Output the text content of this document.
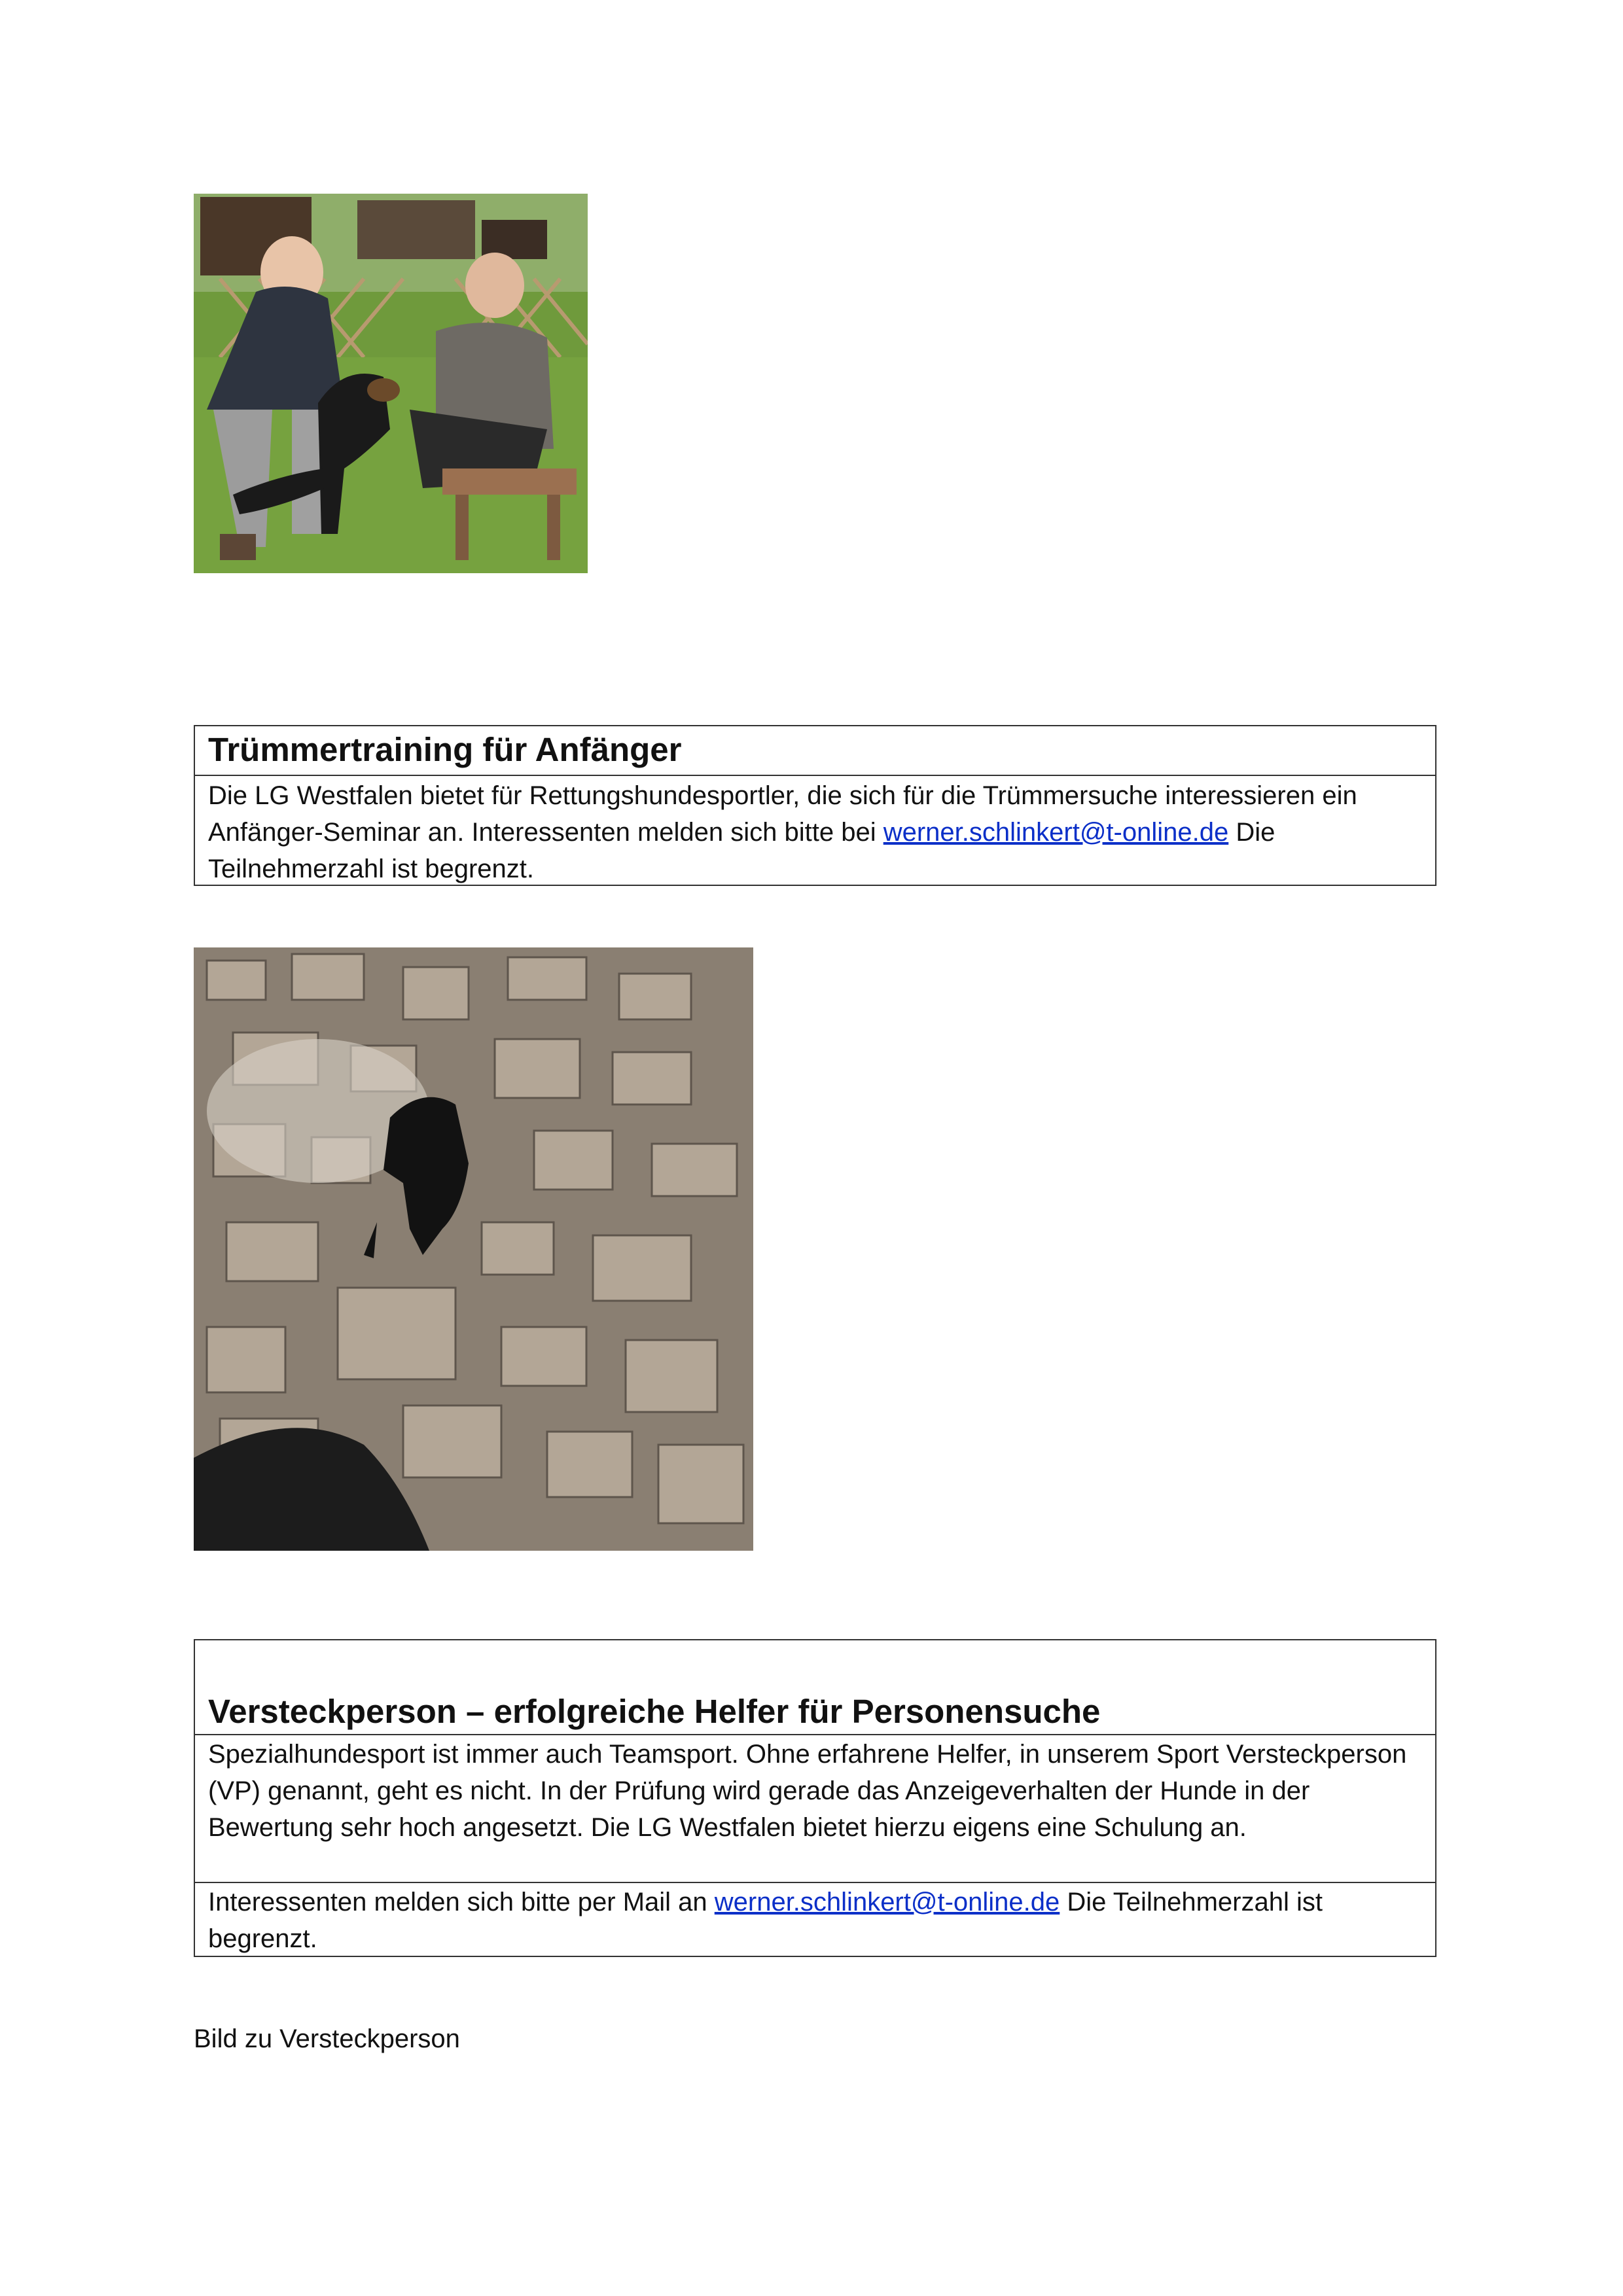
Trümmertraining für Anfänger
Die LG Westfalen bietet für Rettungshundesportler, die sich für die Trümmersuche interessieren ein Anfänger-Seminar an. Interessenten melden sich bitte bei werner.schlinkert@t-online.de Die Teilnehmerzahl ist begrenzt.
Versteckperson – erfolgreiche Helfer für Personensuche
Spezialhundesport ist immer auch Teamsport. Ohne erfahrene Helfer, in unserem Sport Versteckperson (VP) genannt, geht es nicht. In der Prüfung wird gerade das Anzeigeverhalten der Hunde in der Bewertung sehr hoch angesetzt. Die LG Westfalen bietet hierzu eigens eine Schulung an.
Interessenten melden sich bitte per Mail an werner.schlinkert@t-online.de Die Teilnehmerzahl ist begrenzt.
Bild zu Versteckperson
